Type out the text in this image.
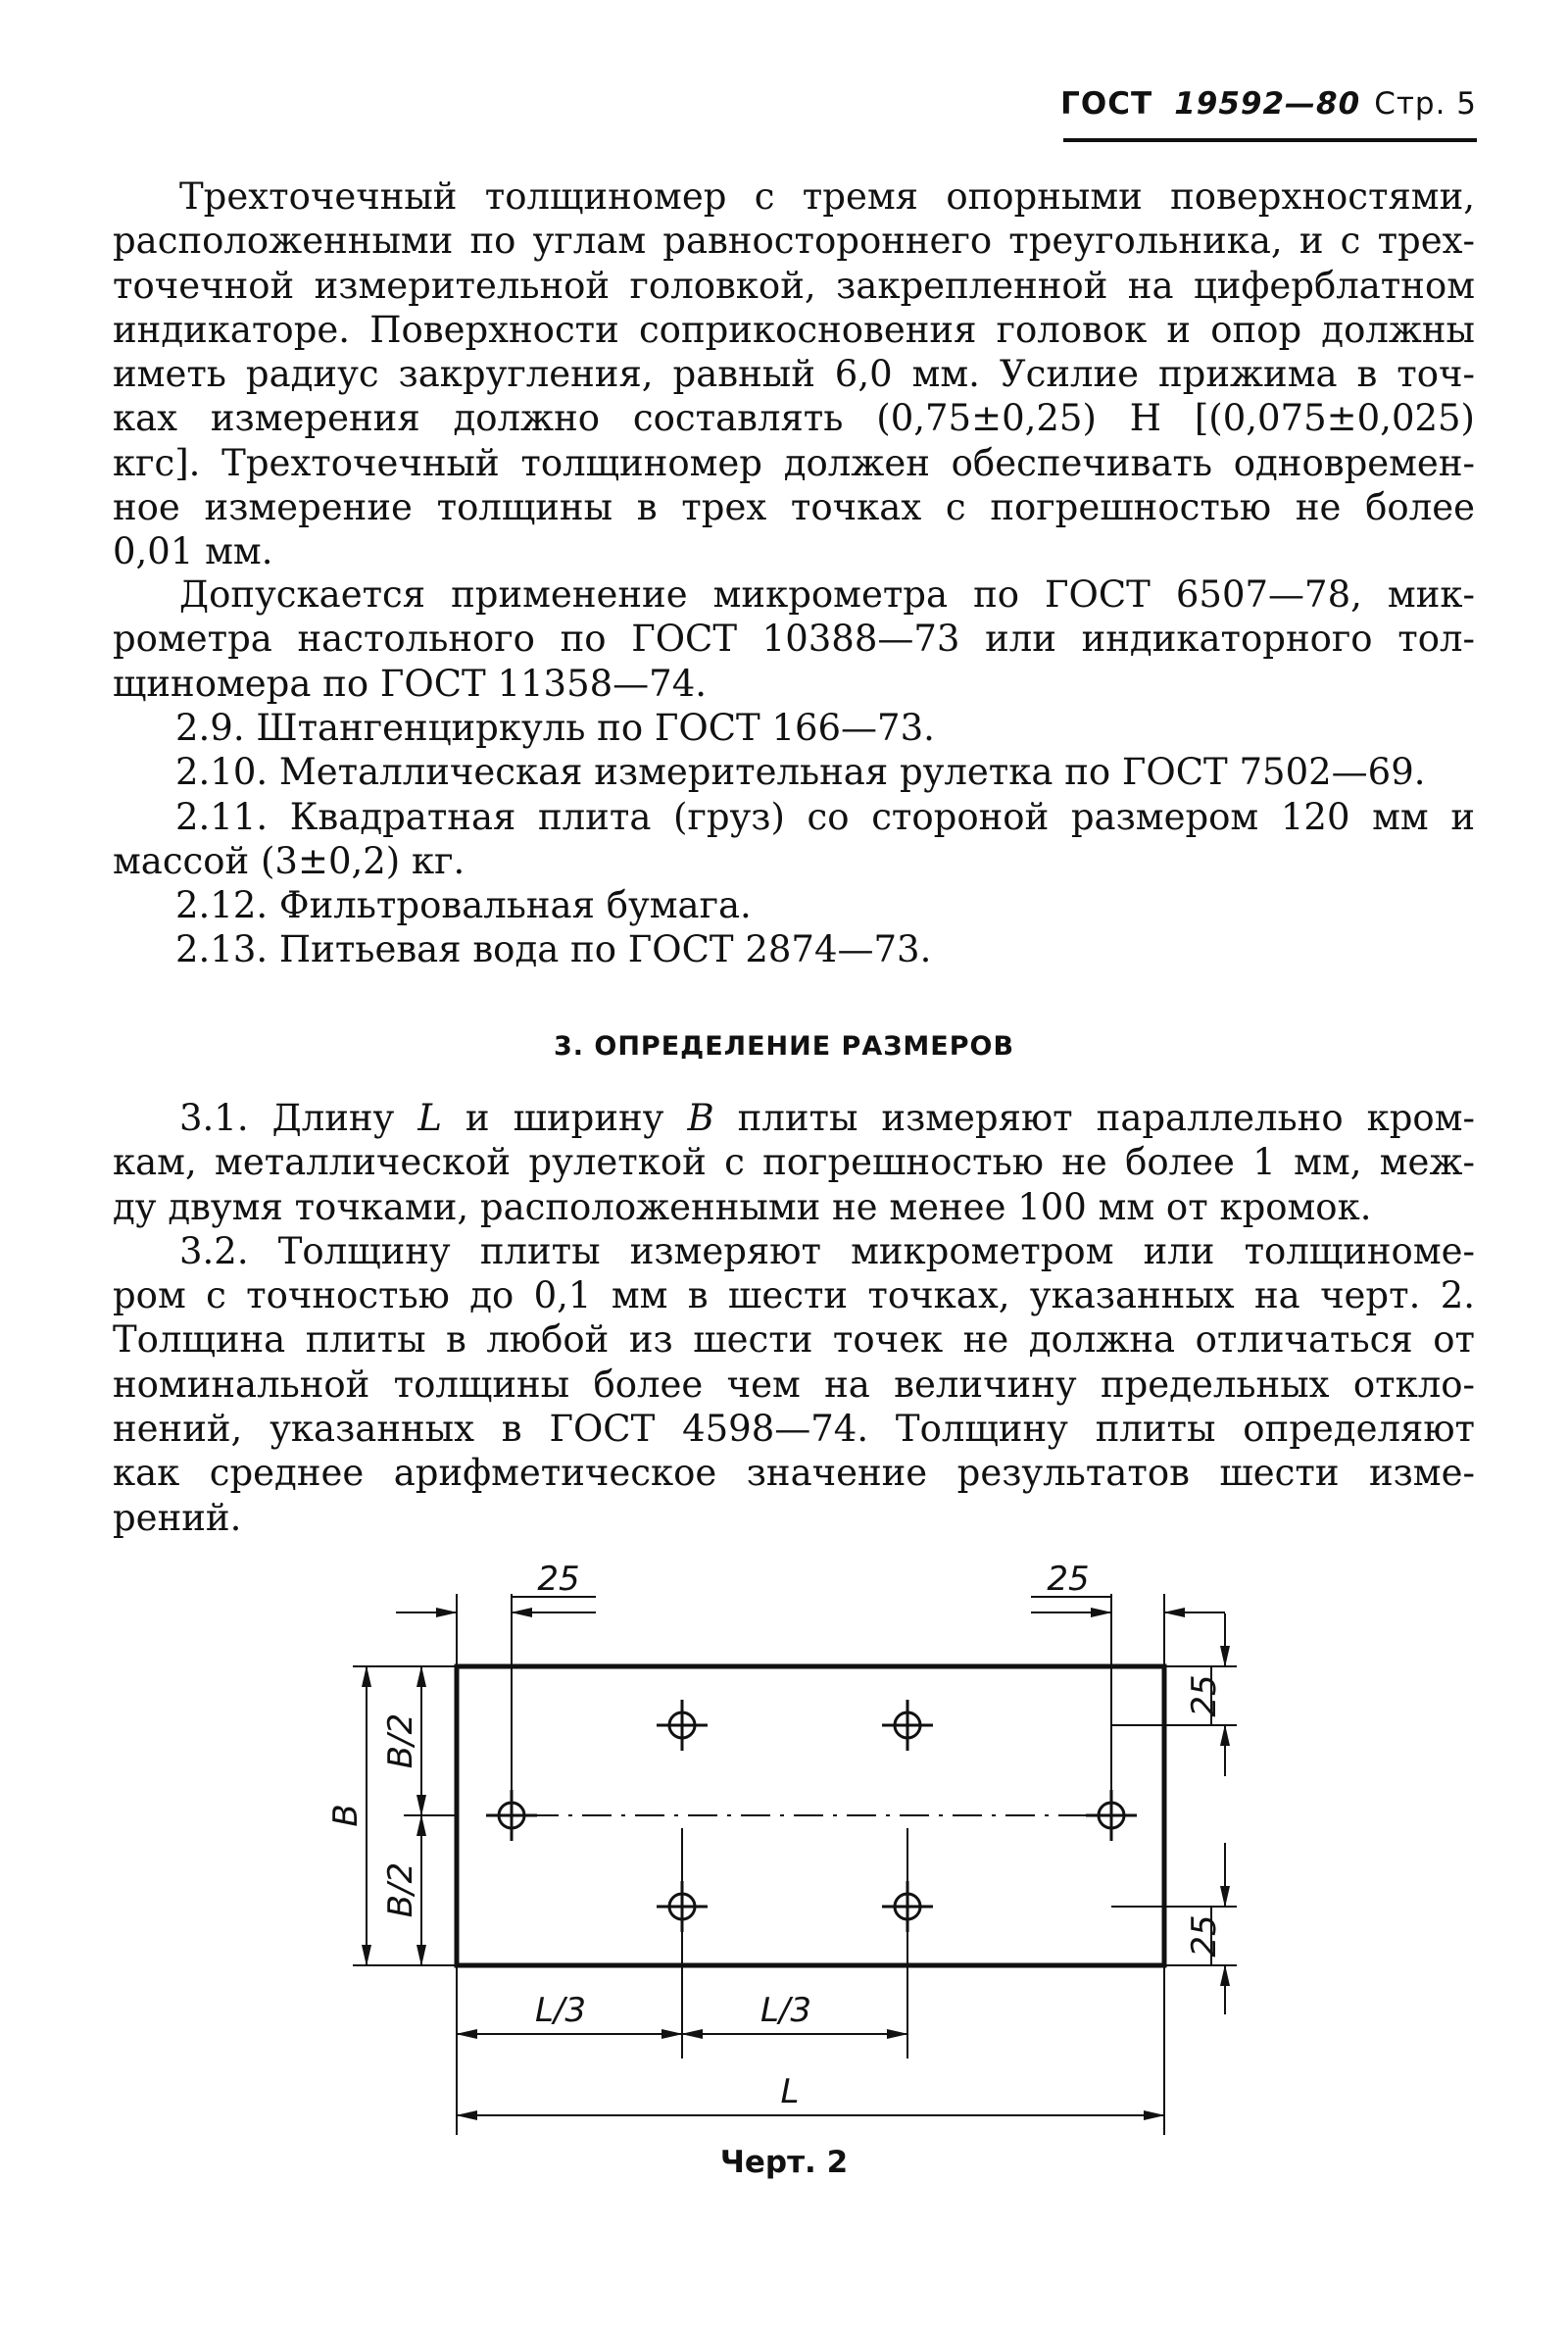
ГОСТ 19592—80 Стр. 5

Трехточечный толщиномер с тремя опорными поверхностями,

расположенными по углам равностороннего треугольника, и с трех-

точечной измерительной головкой, закрепленной на циферблатном

индикаторе. Поверхности соприкосновения головок и опор должны

иметь радиус закругления, равный 6,0 мм. Усилие прижима в точ-

ках измерения должно составлять (0,75±0,25) Н [(0,075±0,025)

кгс]. Трехточечный толщиномер должен обеспечивать одновремен-

ное измерение толщины в трех точках с погрешностью не более

0,01 мм.

Допускается применение микрометра по ГОСТ 6507—78, мик-

рометра настольного по ГОСТ 10388—73 или индикаторного тол-

щиномера по ГОСТ 11358—74.

2.9. Штангенциркуль по ГОСТ 166—73.

2.10. Металлическая измерительная рулетка по ГОСТ 7502—69.

2.11. Квадратная плита (груз) со стороной размером 120 мм и

массой (3±0,2) кг.

2.12. Фильтровальная бумага.

2.13. Питьевая вода по ГОСТ 2874—73.

3. ОПРЕДЕЛЕНИЕ РАЗМЕРОВ

3.1. Длину L и ширину B плиты измеряют параллельно кром-

кам, металлической рулеткой с погрешностью не более 1 мм, меж-

ду двумя точками, расположенными не менее 100 мм от кромок.

3.2. Толщину плиты измеряют микрометром или толщиноме-

ром с точностью до 0,1 мм в шести точках, указанных на черт. 2.

Толщина плиты в любой из шести точек не должна отличаться от

номинальной толщины более чем на величину предельных откло-

нений, указанных в ГОСТ 4598—74. Толщину плиты определяют

как среднее арифметическое значение результатов шести изме-

рений.

25	25
25
25
B
B/2
B/2
L/3	L/3
L
Черт. 2
